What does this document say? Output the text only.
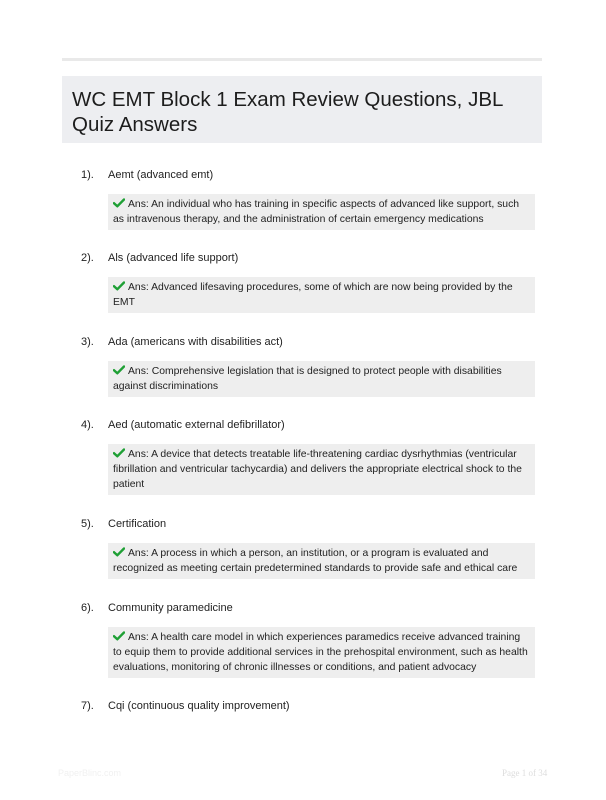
WC EMT Block 1 Exam Review Questions, JBL Quiz Answers
1). Aemt (advanced emt)
Ans: An individual who has training in specific aspects of advanced like support, such as intravenous therapy, and the administration of certain emergency medications
2). Als (advanced life support)
Ans: Advanced lifesaving procedures, some of which are now being provided by the EMT
3). Ada (americans with disabilities act)
Ans: Comprehensive legislation that is designed to protect people with disabilities against discriminations
4). Aed (automatic external defibrillator)
Ans: A device that detects treatable life-threatening cardiac dysrhythmias (ventricular fibrillation and ventricular tachycardia) and delivers the appropriate electrical shock to the patient
5). Certification
Ans: A process in which a person, an institution, or a program is evaluated and recognized as meeting certain predetermined standards to provide safe and ethical care
6). Community paramedicine
Ans: A health care model in which experiences paramedics receive advanced training to equip them to provide additional services in the prehospital environment, such as health evaluations, monitoring of chronic illnesses or conditions, and patient advocacy
7). Cqi (continuous quality improvement)
PaperBlinc.com	Page 1 of 34
